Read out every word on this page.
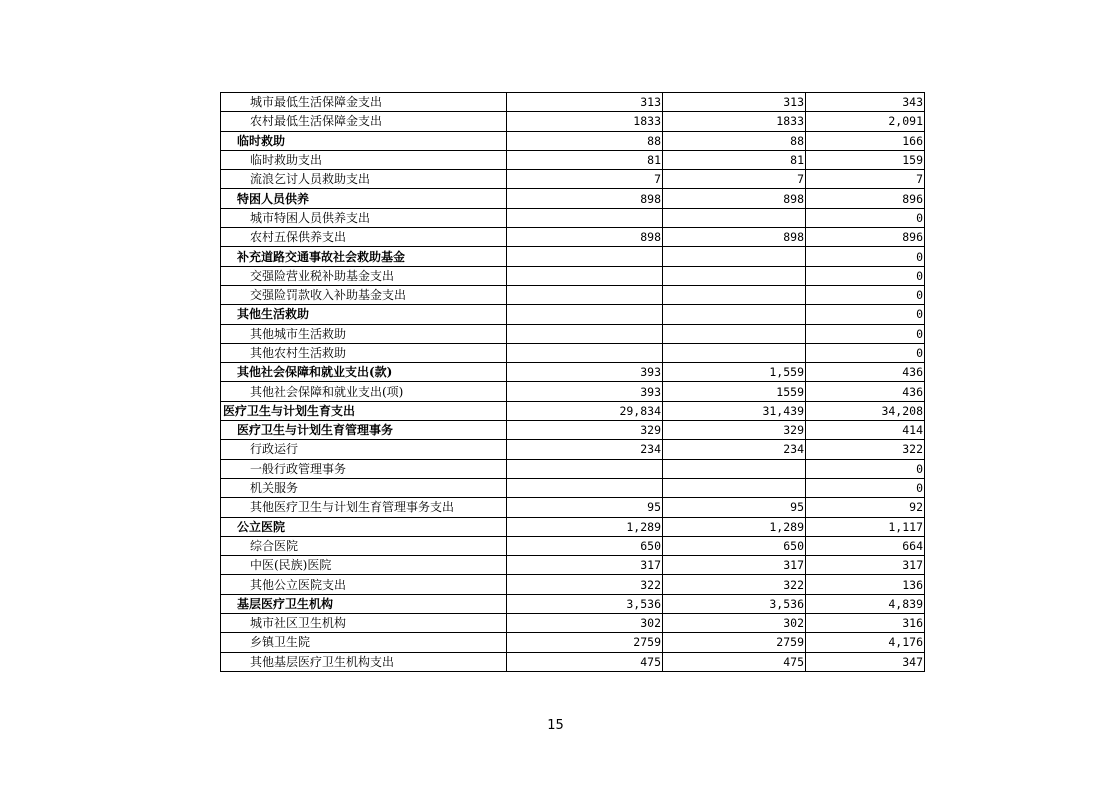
城市最低生活保障金支出	313	313	343
农村最低生活保障金支出	1833	1833	2,091
临时救助	88	88	166
临时救助支出	81	81	159
流浪乞讨人员救助支出	7	7	7
特困人员供养	898	898	896
城市特困人员供养支出			0
农村五保供养支出	898	898	896
补充道路交通事故社会救助基金			0
交强险营业税补助基金支出			0
交强险罚款收入补助基金支出			0
其他生活救助			0
其他城市生活救助			0
其他农村生活救助			0
其他社会保障和就业支出(款)	393	1,559	436
其他社会保障和就业支出(项)	393	1559	436
医疗卫生与计划生育支出	29,834	31,439	34,208
医疗卫生与计划生育管理事务	329	329	414
行政运行	234	234	322
一般行政管理事务			0
机关服务			0
其他医疗卫生与计划生育管理事务支出	95	95	92
公立医院	1,289	1,289	1,117
综合医院	650	650	664
中医(民族)医院	317	317	317
其他公立医院支出	322	322	136
基层医疗卫生机构	3,536	3,536	4,839
城市社区卫生机构	302	302	316
乡镇卫生院	2759	2759	4,176
其他基层医疗卫生机构支出	475	475	347
15
